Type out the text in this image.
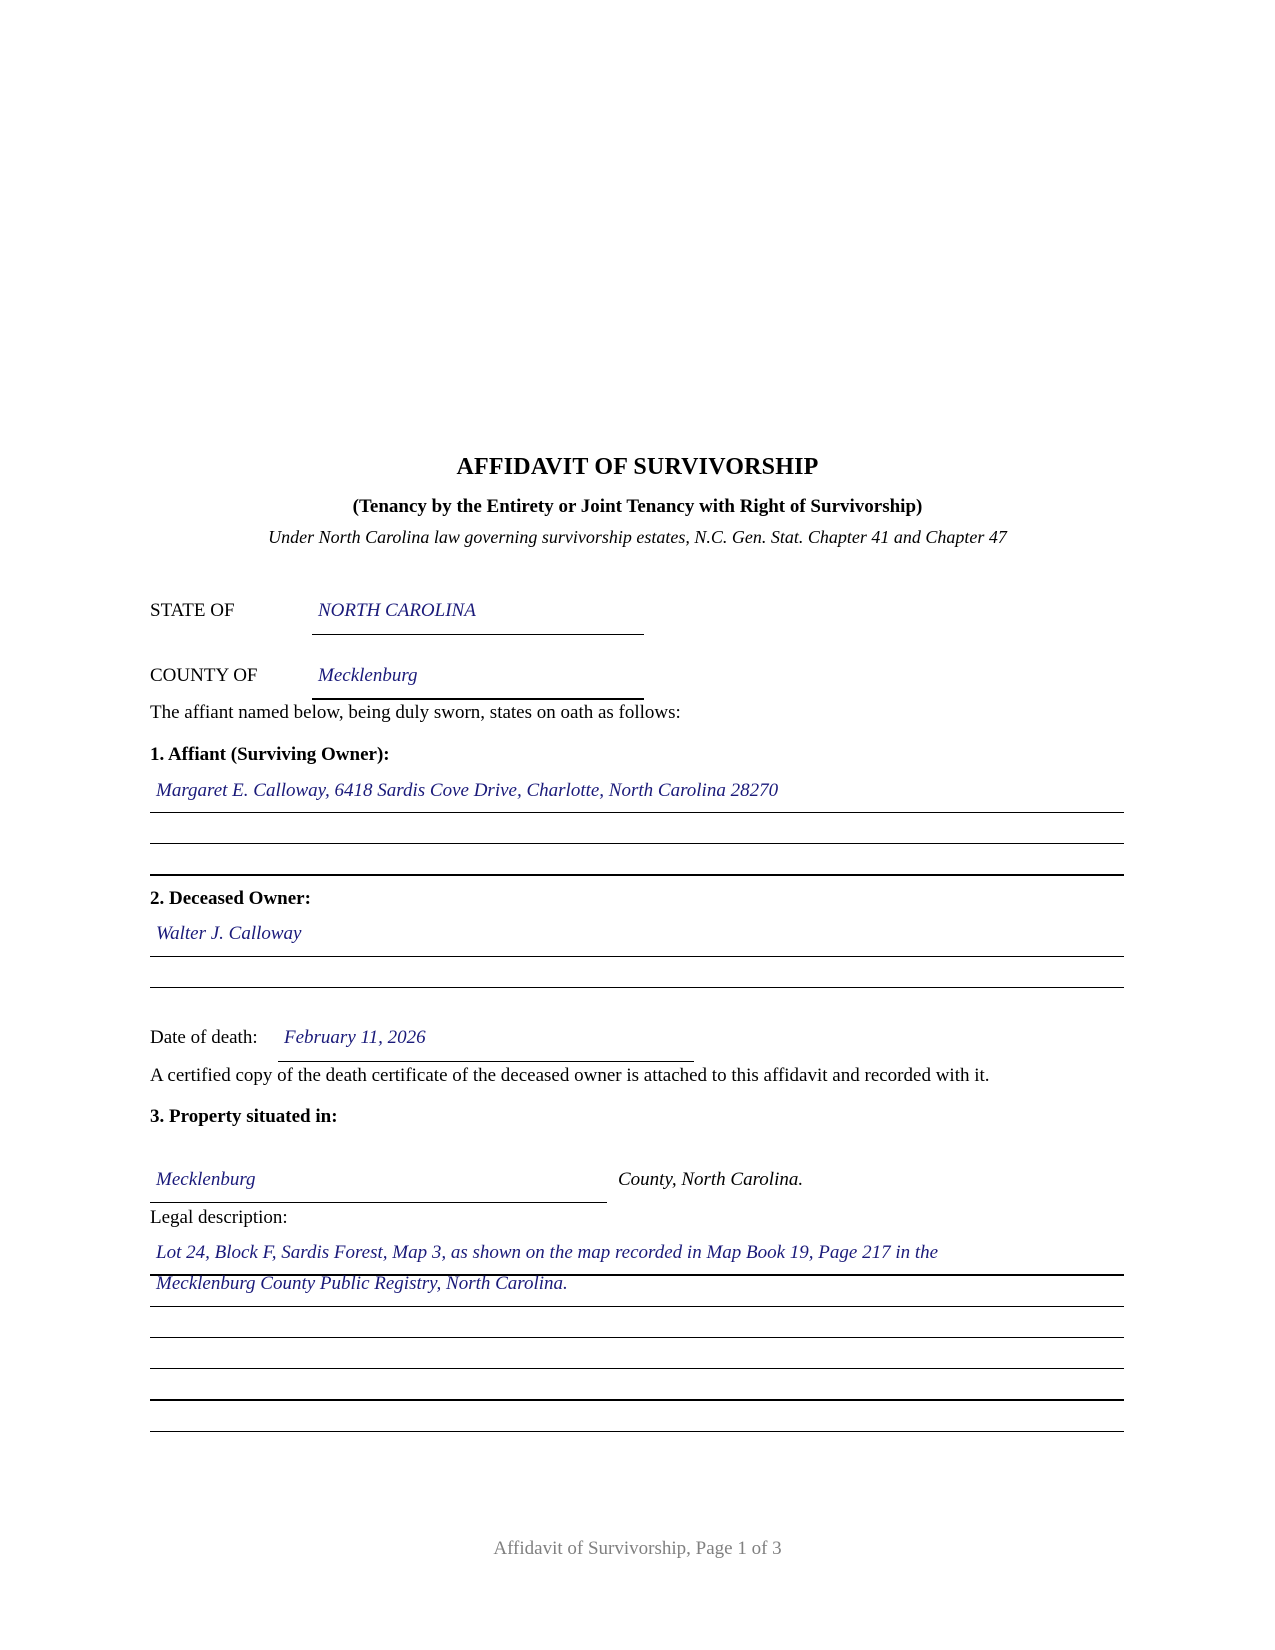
AFFIDAVIT OF SURVIVORSHIP
(Tenancy by the Entirety or Joint Tenancy with Right of Survivorship)
Under North Carolina law governing survivorship estates, N.C. Gen. Stat. Chapter 41 and Chapter 47
STATE OF	NORTH CAROLINA
COUNTY OF	Mecklenburg
The affiant named below, being duly sworn, states on oath as follows:
1. Affiant (Surviving Owner):
Margaret E. Calloway, 6418 Sardis Cove Drive, Charlotte, North Carolina 28270
2. Deceased Owner:
Walter J. Calloway
Date of death: February 11, 2026
A certified copy of the death certificate of the deceased owner is attached to this affidavit and recorded with it.
3. Property situated in:
Mecklenburg	County, North Carolina.
Legal description:
Lot 24, Block F, Sardis Forest, Map 3, as shown on the map recorded in Map Book 19, Page 217 in the
Mecklenburg County Public Registry, North Carolina.
Affidavit of Survivorship, Page 1 of 3
